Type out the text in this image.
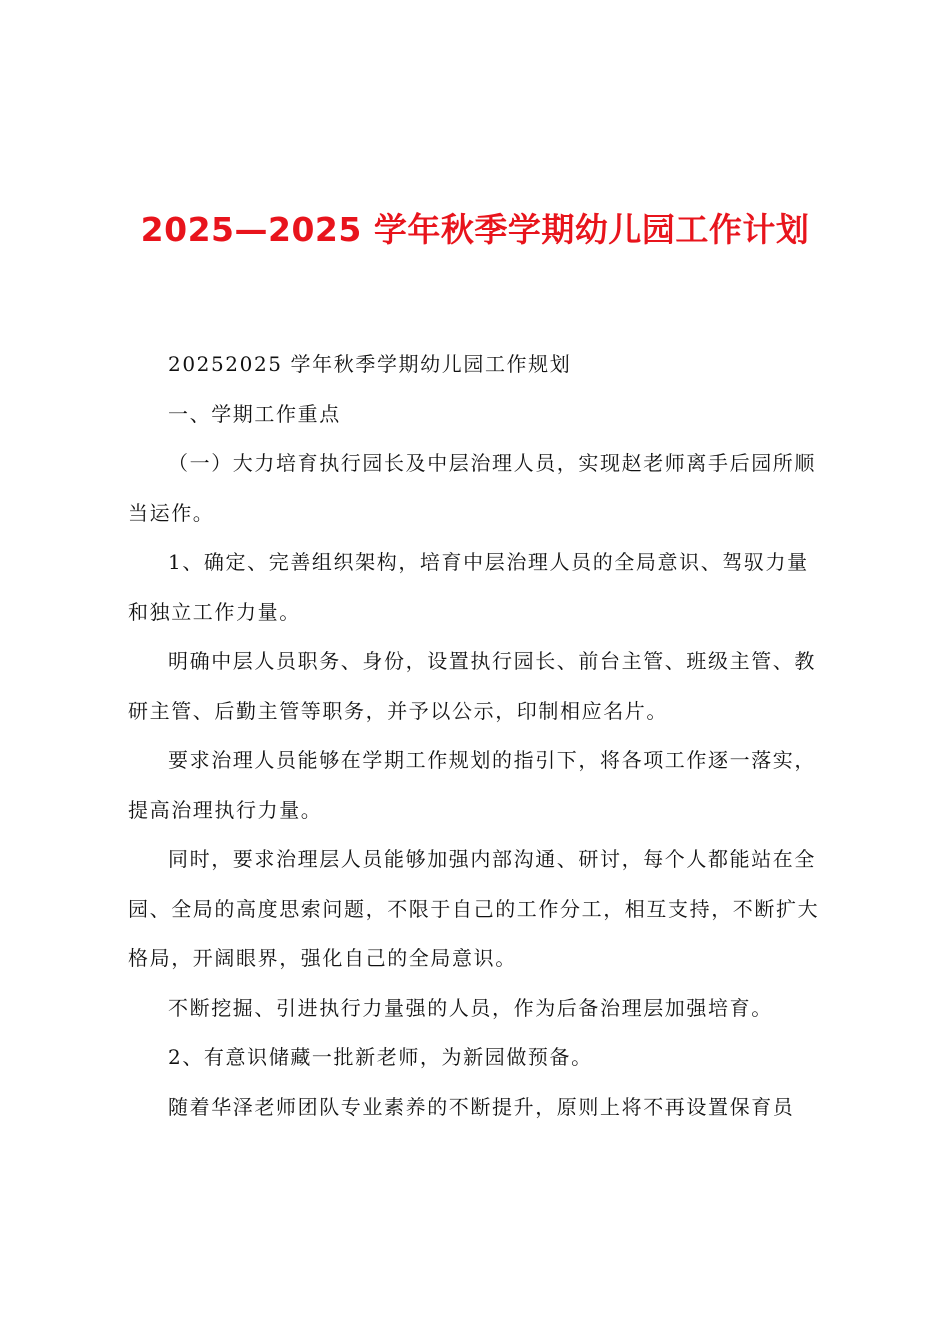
2025—2025 学年秋季学期幼儿园工作计划

20252025 学年秋季学期幼儿园工作规划

一、学期工作重点

（一）大力培育执行园长及中层治理人员，实现赵老师离手后园所顺当运作。

1、确定、完善组织架构，培育中层治理人员的全局意识、驾驭力量和独立工作力量。

明确中层人员职务、身份，设置执行园长、前台主管、班级主管、教研主管、后勤主管等职务，并予以公示，印制相应名片。

要求治理人员能够在学期工作规划的指引下，将各项工作逐一落实，提高治理执行力量。

同时，要求治理层人员能够加强内部沟通、研讨，每个人都能站在全园、全局的高度思索问题，不限于自己的工作分工，相互支持，不断扩大格局，开阔眼界，强化自己的全局意识。

不断挖掘、引进执行力量强的人员，作为后备治理层加强培育。

2、有意识储藏一批新老师，为新园做预备。

随着华泽老师团队专业素养的不断提升，原则上将不再设置保育员
